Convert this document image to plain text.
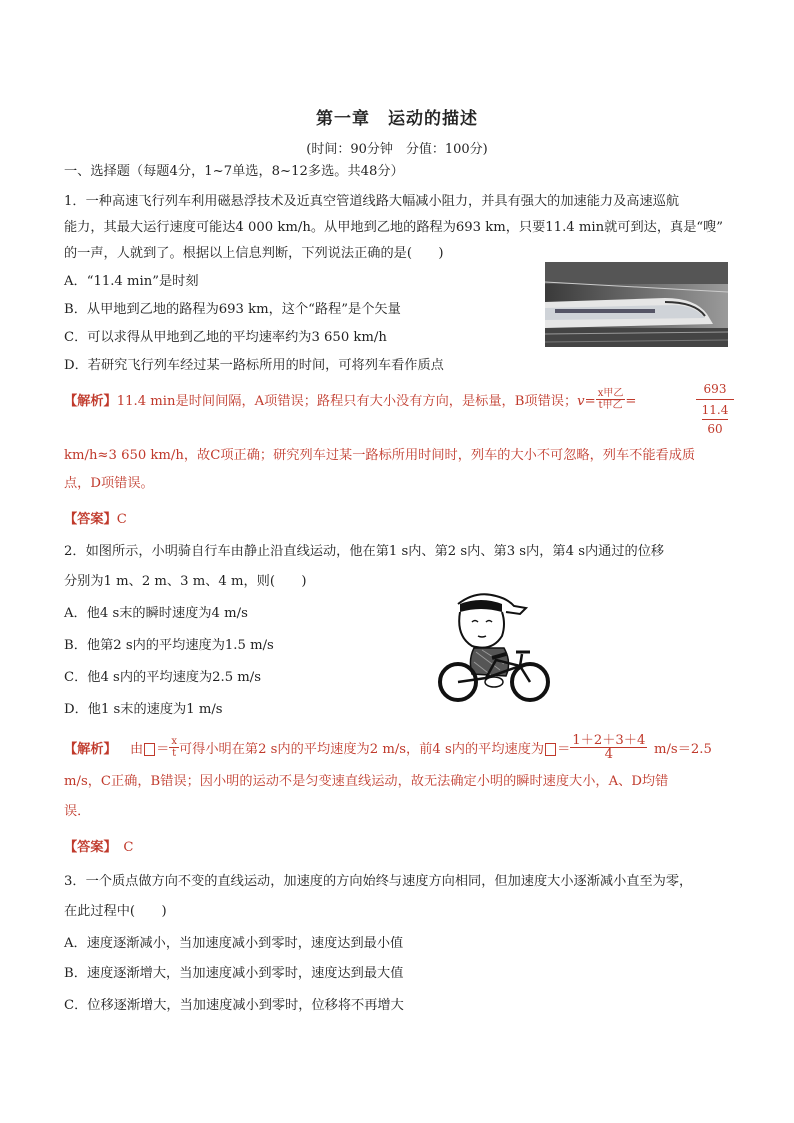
第一章　运动的描述
(时间：90分钟　分值：100分)
一、选择题（每题4分，1~7单选，8~12多选。共48分）
1．一种高速飞行列车利用磁悬浮技术及近真空管道线路大幅减小阻力，并具有强大的加速能力及高速巡航
能力，其最大运行速度可能达4 000 km/h。从甲地到乙地的路程为693 km，只要11.4 min就可到达，真是“嗖”
的一声，人就到了。根据以上信息判断，下列说法正确的是(　　)
A．“11.4 min”是时刻
B．从甲地到乙地的路程为693 km，这个“路程”是个矢量
C．可以求得从甲地到乙地的平均速率约为3 650 km/h
D．若研究飞行列车经过某一路标所用的时间，可将列车看作质点
【解析】11.4 min是时间间隔，A项错误；路程只有大小没有方向，是标量，B项错误；$v= \frac{\text{x甲乙}}{\text{t甲乙}}$ =
693
11.4
60
km/h≈3 650 km/h，故C项正确；研究列车过某一路标所用时间时，列车的大小不可忽略，列车不能看成质
点，D项错误。
【答案】C
2．如图所示，小明骑自行车由静止沿直线运动，他在第1 s内、第2 s内、第3 s内，第4 s内通过的位移
分别为1 m、2 m、3 m、4 m，则(　　)
A．他4 s末的瞬时速度为4 m/s
B．他第2 s内的平均速度为1.5 m/s
C．他4 s内的平均速度为2.5 m/s
D．他1 s末的速度为1 m/s
【解析】  由 ＝ $\frac{x}{t}$ 可得小明在第2 s内的平均速度为2 m/s，前4 s内的平均速度为 ＝ $\frac{1+2+3+4}{4}$
  m/s＝2.5
m/s，C正确，B错误；因小明的运动不是匀变速直线运动，故无法确定小明的瞬时速度大小，A、D均错
误．
【答案】  C
3．一个质点做方向不变的直线运动，加速度的方向始终与速度方向相同，但加速度大小逐渐减小直至为零，
在此过程中(　　)
A．速度逐渐减小，当加速度减小到零时，速度达到最小值
B．速度逐渐增大，当加速度减小到零时，速度达到最大值
C．位移逐渐增大，当加速度减小到零时，位移将不再增大
